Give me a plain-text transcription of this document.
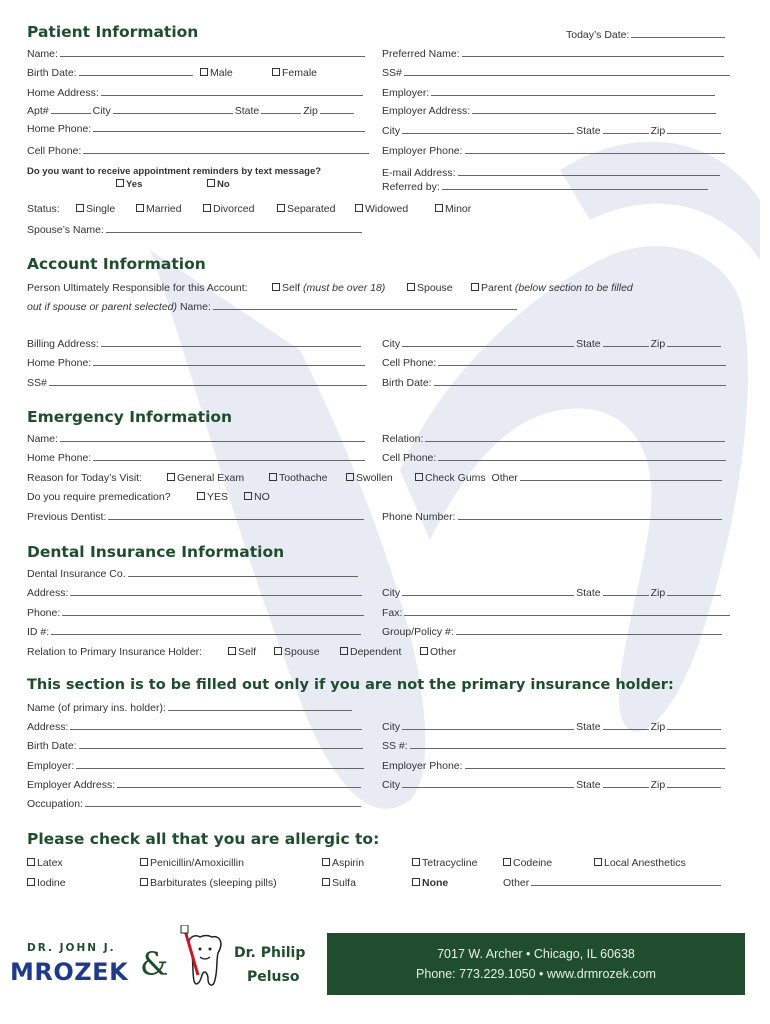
Patient Information	Today’s Date:
Name:	Preferred Name:
Birth Date:	Male	Female	SS#
Home Address:	Employer:
Apt#	City	State	Zip	Employer Address:
Home Phone:	City	State	Zip
Cell Phone:	Employer Phone:
Do you want to receive appointment reminders by text message?
Yes	No
E-mail Address:
Referred by:
Status:	Single	Married	Divorced	Separated	Widowed	Minor
Spouse’s Name:
Account Information
Person Ultimately Responsible for this Account:	Self
(must be over 18)	Spouse	Parent
(below section to be filled
out if spouse or parent selected)
Name:
Billing Address:	City	State	Zip
Home Phone:	Cell Phone:
SS#	Birth Date:
Emergency Information
Name:	Relation:
Home Phone:	Cell Phone:
Reason for Today’s Visit:	General Exam	Toothache	Swollen	Check Gums
Other
Do you require premedication?	YES NO
Previous Dentist:	Phone Number:
Dental Insurance Information
Dental Insurance Co.
Address:	City	State	Zip
Phone:	Fax:
ID #:	Group/Policy #:
Relation to Primary Insurance Holder:	Self	Spouse	Dependent	Other
This section is to be filled out only if you are not the primary insurance holder:
Name (of primary ins. holder):
Address:	City	State	Zip
Birth Date:	SS #:
Employer:	Employer Phone:
Employer Address:	City	State	Zip
Occupation:
Please check all that you are allergic to:
Latex	Penicillin/Amoxicillin	Aspirin	Tetracycline	Codeine	Local Anesthetics
Iodine	Barbiturates (sleeping pills)	Sulfa	None	Other
DR. JOHN J.
MROZEK &	Dr. Philip
Peluso
7017 W. Archer • Chicago, IL 60638
Phone: 773.229.1050 • www.drmrozek.com
